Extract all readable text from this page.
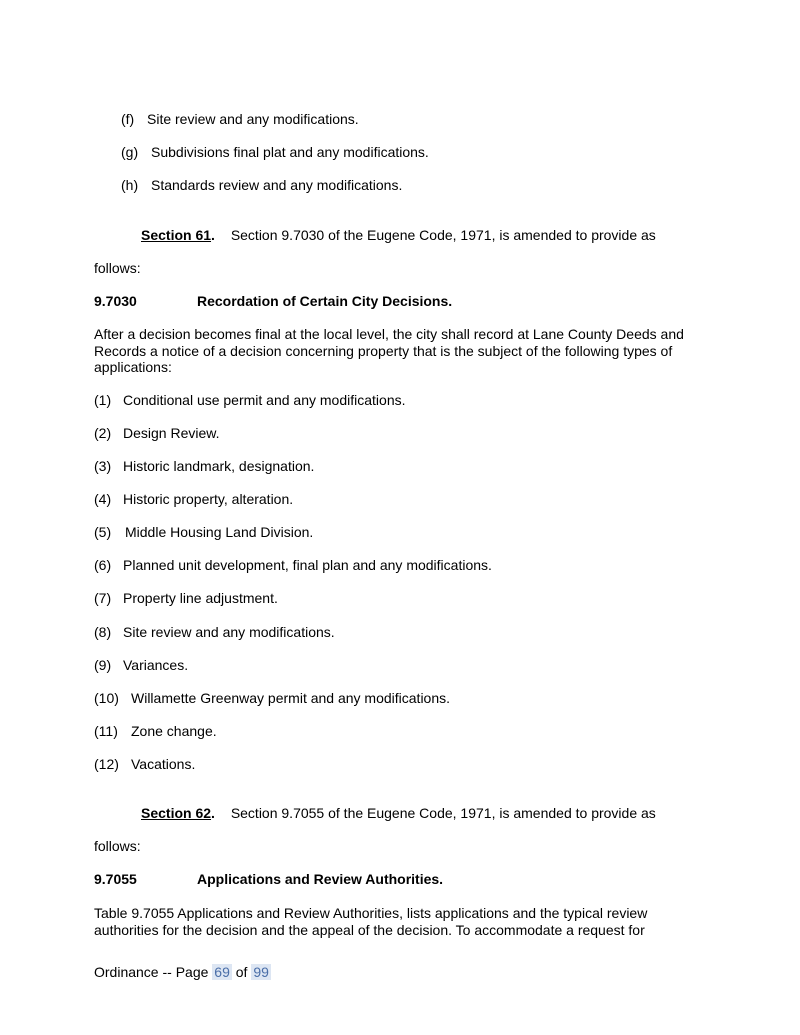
(f) Site review and any modifications.
(g) Subdivisions final plat and any modifications.
(h) Standards review and any modifications.
Section 61. Section 9.7030 of the Eugene Code, 1971, is amended to provide as
follows:
9.7030	Recordation of Certain City Decisions.
After a decision becomes final at the local level, the city shall record at Lane County Deeds and Records a notice of a decision concerning property that is the subject of the following types of applications:
(1) Conditional use permit and any modifications.
(2) Design Review.
(3) Historic landmark, designation.
(4) Historic property, alteration.
(5) Middle Housing Land Division.
(6) Planned unit development, final plan and any modifications.
(7) Property line adjustment.
(8) Site review and any modifications.
(9) Variances.
(10) Willamette Greenway permit and any modifications.
(11) Zone change.
(12) Vacations.
Section 62. Section 9.7055 of the Eugene Code, 1971, is amended to provide as
follows:
9.7055	Applications and Review Authorities.
Table 9.7055 Applications and Review Authorities, lists applications and the typical review authorities for the decision and the appeal of the decision. To accommodate a request for
Ordinance -- Page 69 of 99
